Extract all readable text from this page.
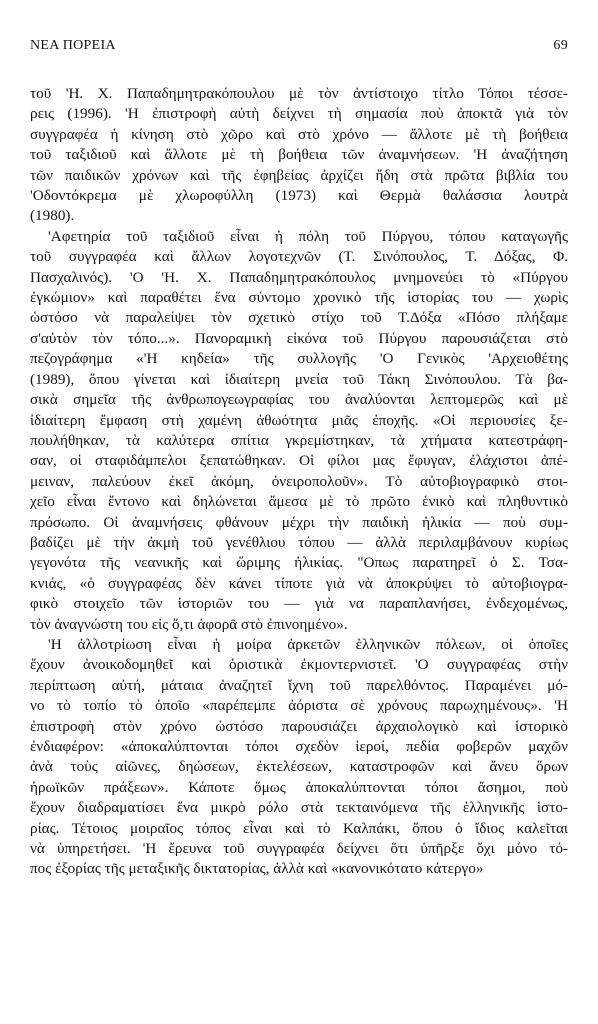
ΝΕΑ ΠΟΡΕΙΑ	69
τοῦ 'Η. Χ. Παπαδημητρακόπουλου μὲ τὸν ἀντίστοιχο τίτλο Τόποι τέσσε-
ρεις (1996). 'Η ἐπιστροφὴ αὐτὴ δείχνει τὴ σημασία ποὺ ἀποκτᾶ γιὰ τὸν
συγγραφέα ἡ κίνηση στὸ χῶρο καὶ στὸ χρόνο — ἄλλοτε μὲ τὴ βοήθεια
τοῦ ταξιδιοῦ καὶ ἄλλοτε μὲ τὴ βοήθεια τῶν ἀναμνήσεων. 'Η ἀναζήτηση
τῶν παιδικῶν χρόνων καὶ τῆς ἐφηβείας ἀρχίζει ἤδη στὰ πρῶτα βιβλία του
'Οδοντόκρεμα μὲ χλωροφύλλη (1973) καὶ Θερμὰ θαλάσσια λουτρὰ
(1980).
'Αφετηρία τοῦ ταξιδιοῦ εἶναι ἡ πόλη τοῦ Πύργου, τόπου καταγωγῆς
τοῦ συγγραφέα καὶ ἄλλων λογοτεχνῶν (Τ. Σινόπουλος, Τ. Δόξας, Φ.
Πασχαλινός). 'Ο 'Η. Χ. Παπαδημητρακόπουλος μνημονεύει τὸ «Πύργου
ἐγκώμιον» καὶ παραθέτει ἕνα σύντομο χρονικὸ τῆς ἱστορίας του — χωρὶς
ὡστόσο νὰ παραλείψει τὸν σχετικὸ στίχο τοῦ Τ.Δόξα «Πόσο πλήξαμε
σ'αὐτὸν τὸν τόπο...». Πανοραμικὴ εἰκόνα τοῦ Πύργου παρουσιάζεται στὸ
πεζογράφημα «'Η κηδεία» τῆς συλλογῆς 'Ο Γενικὸς 'Αρχειοθέτης
(1989), ὅπου γίνεται καὶ ἰδιαίτερη μνεία τοῦ Τάκη Σινόπουλου. Τὰ βα-
σικὰ σημεῖα τῆς ἀνθρωπογεωγραφίας του ἀναλύονται λεπτομερῶς καὶ μὲ
ἰδιαίτερη ἔμφαση στὴ χαμένη ἀθωότητα μιᾶς ἐποχῆς. «Οἱ περιουσίες ξε-
πουλήθηκαν, τὰ καλύτερα σπίτια γκρεμίστηκαν, τὰ χτήματα κατεστράφη-
σαν, οἱ σταφιδάμπελοι ξεπατώθηκαν. Οἱ φίλοι μας ἔφυγαν, ἐλάχιστοι ἀπέ-
μειναν, παλεύουν ἐκεῖ ἀκόμη, ὀνειροπολοῦν». Τὸ αὐτοβιογραφικὸ στοι-
χεῖο εἶναι ἔντονο καὶ δηλώνεται ἄμεσα μὲ τὸ πρῶτο ἑνικὸ καὶ πληθυντικὸ
πρόσωπο. Οἱ ἀναμνήσεις φθάνουν μέχρι τὴν παιδικὴ ἡλικία — ποὺ συμ-
βαδίζει μὲ τὴν ἀκμὴ τοῦ γενέθλιου τόπου — ἀλλὰ περιλαμβάνουν κυρίως
γεγονότα τῆς νεανικῆς καὶ ὥριμης ἡλικίας. "Οπως παρατηρεῖ ὁ Σ. Τσα-
κνιάς, «ὁ συγγραφέας δὲν κάνει τίποτε γιὰ νὰ ἀποκρύψει τὸ αὐτοβιογρα-
φικὸ στοιχεῖο τῶν ἱστοριῶν του — γιὰ να παραπλανήσει, ἐνδεχομένως,
τὸν ἀναγνώστη του εἰς ὅ,τι ἀφορᾶ στὸ ἐπινοημένο».
'Η ἀλλοτρίωση εἶναι ἡ μοίρα ἀρκετῶν ἑλληνικῶν πόλεων, οἱ ὁποῖες
ἔχουν ἀνοικοδομηθεῖ καὶ ὁριστικὰ ἐκμοντερνιστεῖ. 'Ο συγγραφέας στὴν
περίπτωση αὐτή, μάταια ἀναζητεῖ ἴχνη τοῦ παρελθόντος. Παραμένει μό-
νο τὸ τοπίο τὸ ὁποῖο «παρέπεμπε ἀόριστα σὲ χρόνους παρωχημένους». 'Η
ἐπιστροφὴ στὸν χρόνο ὡστόσο παρουσιάζει ἀρχαιολογικὸ καὶ ἱστορικὸ
ἐνδιαφέρον: «ἀποκαλύπτονται τόποι σχεδὸν ἱεροί, πεδία φοβερῶν μαχῶν
ἀνὰ τοὺς αἰῶνες, δηώσεων, ἐκτελέσεων, καταστροφῶν καὶ ἄνευ ὅρων
ἡρωϊκῶν πράξεων». Κάποτε ὅμως ἀποκαλύπτονται τόποι ἄσημοι, ποὺ
ἔχουν διαδραματίσει ἕνα μικρὸ ρόλο στὰ τεκταινόμενα τῆς ἑλληνικῆς ἱστο-
ρίας. Τέτοιος μοιραῖος τόπος εἶναι καὶ τὸ Καλπάκι, ὅπου ὁ ἴδιος καλεῖται
νὰ ὑπηρετήσει. 'Η ἔρευνα τοῦ συγγραφέα δείχνει ὅτι ὑπῆρξε ὄχι μόνο τό-
πος ἐξορίας τῆς μεταξικῆς δικτατορίας, ἀλλὰ καὶ «κανονικότατο κάτεργο»
